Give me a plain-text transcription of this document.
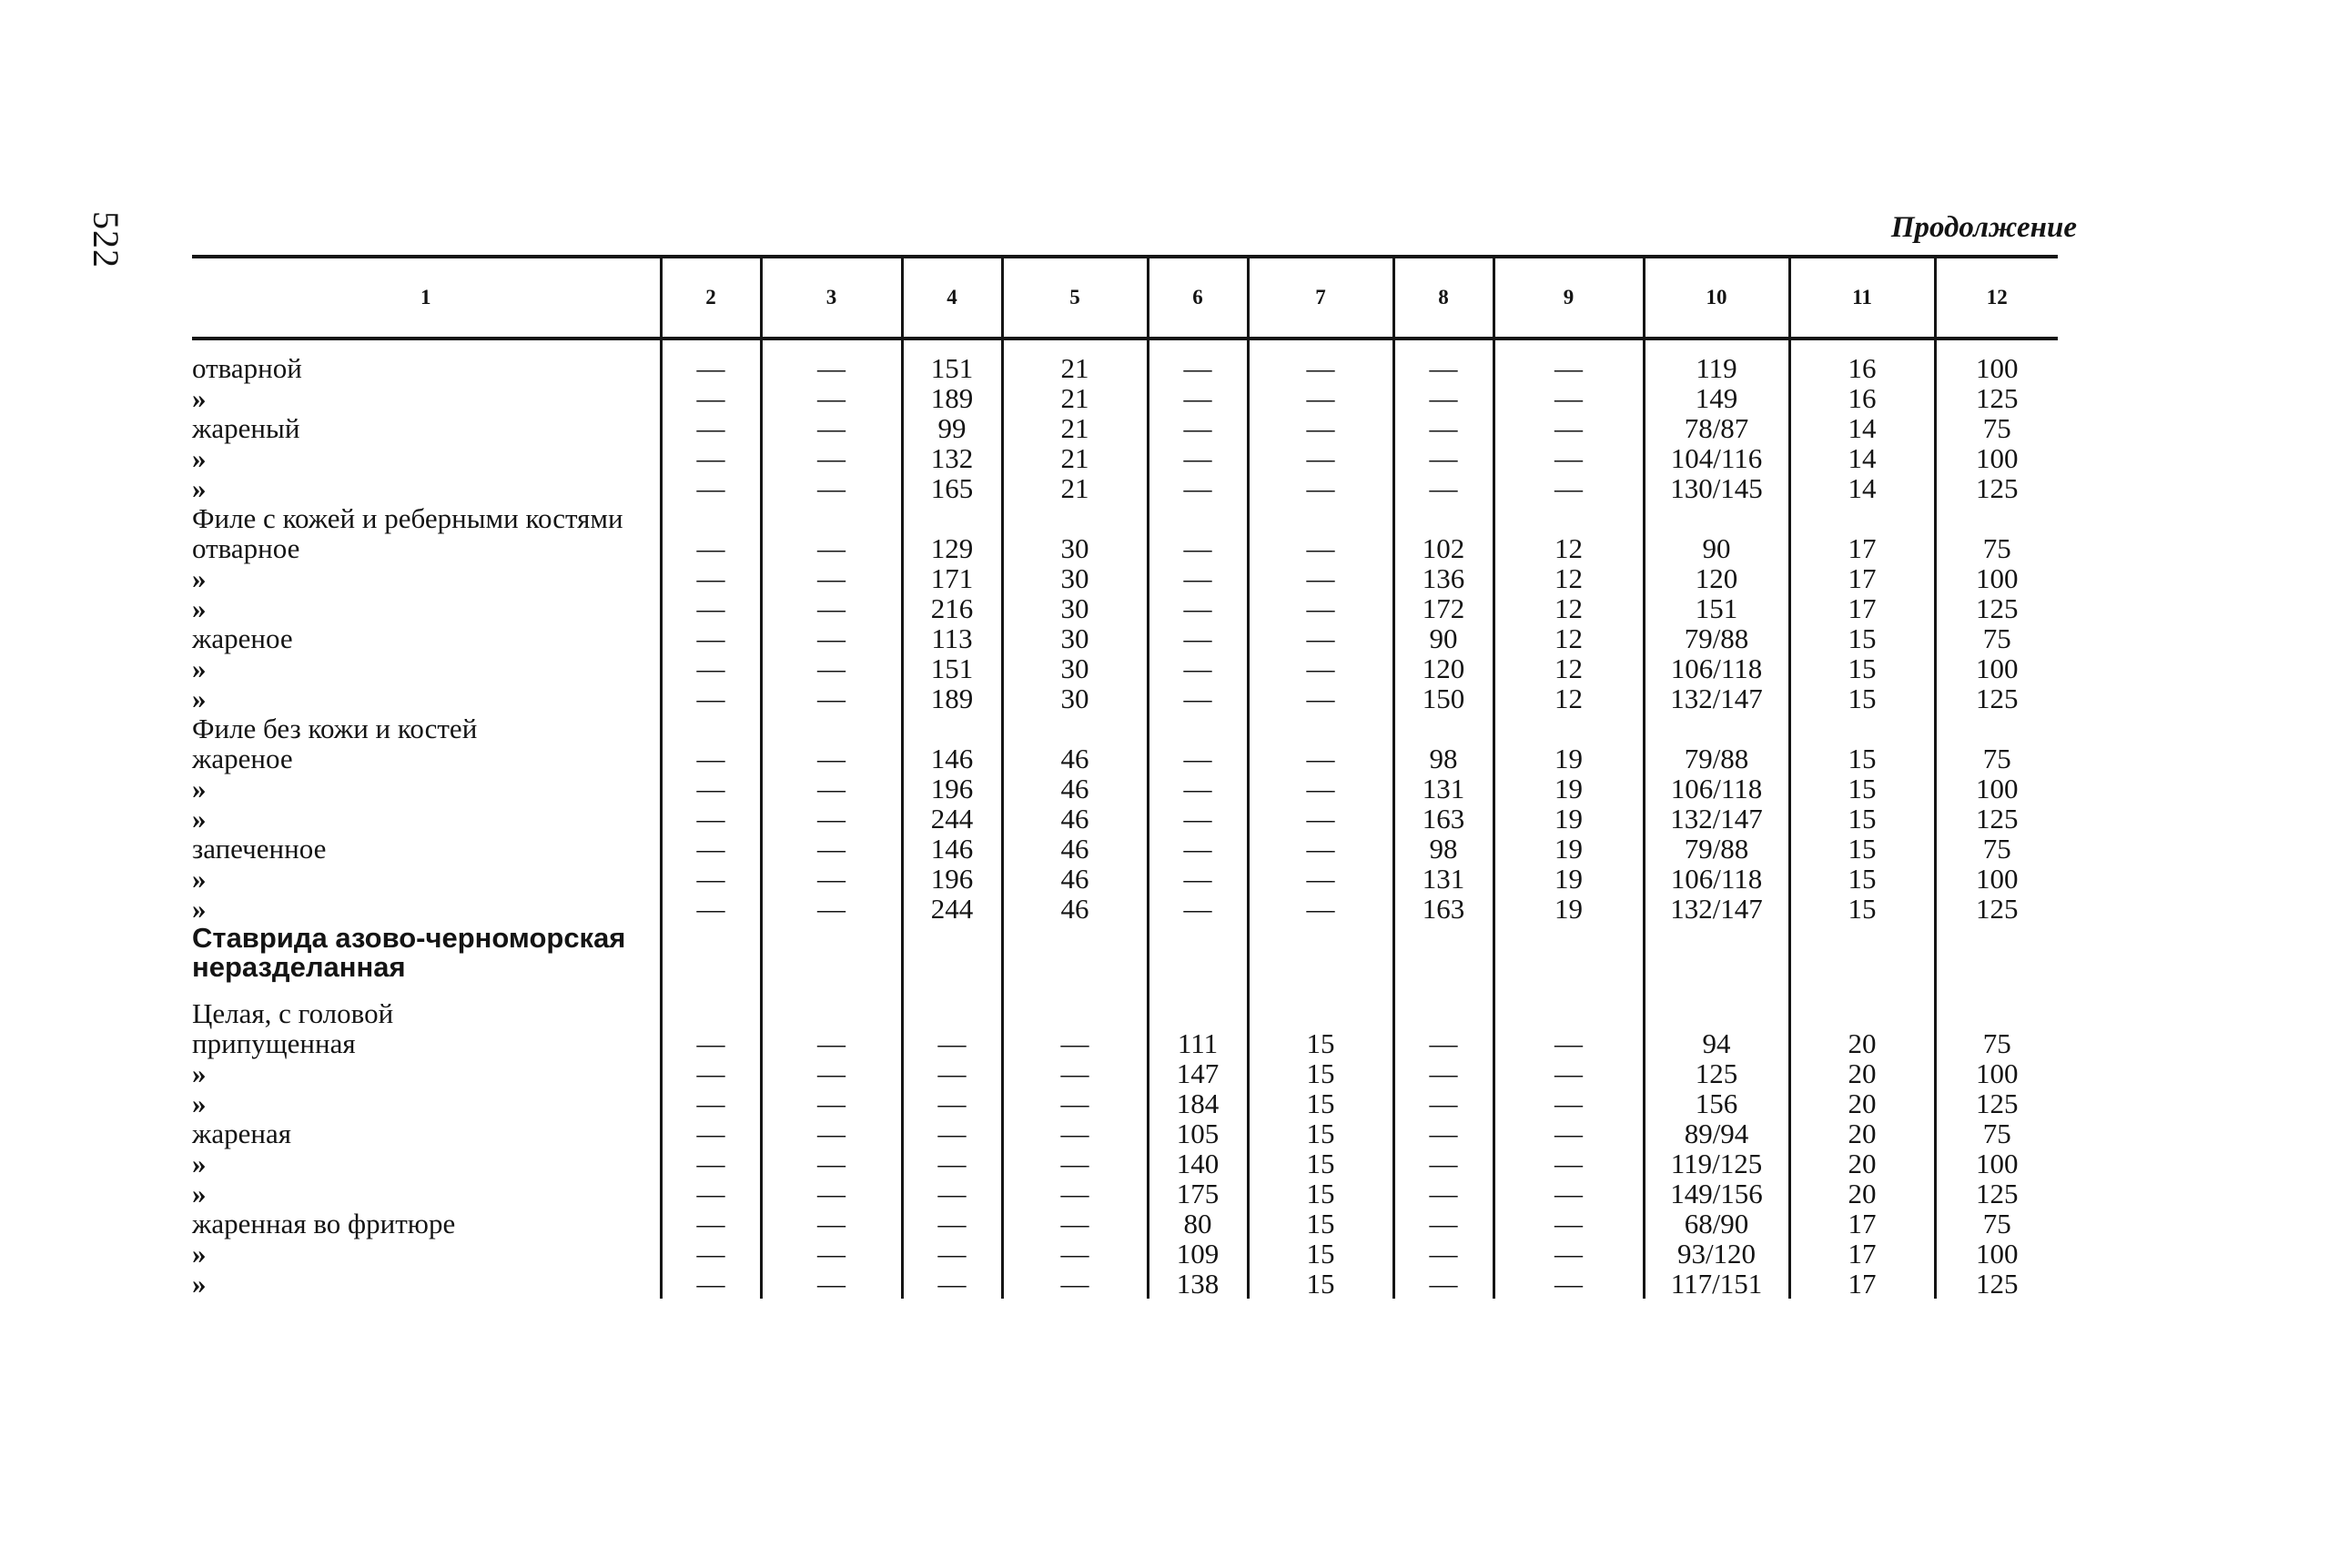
522	Продолжение
1	2	3	4	5	6	7	8	9	10	11	12

отварной	—	—	151	21	—	—	—	—	119	16	100
»	—	—	189	21	—	—	—	—	149	16	125
жареный	—	—	99	21	—	—	—	—	78/87	14	75
»	—	—	132	21	—	—	—	—	104/116	14	100
»	—	—	165	21	—	—	—	—	130/145	14	125
Филе с кожей и реберными костями											
отварное	—	—	129	30	—	—	102	12	90	17	75
»	—	—	171	30	—	—	136	12	120	17	100
»	—	—	216	30	—	—	172	12	151	17	125
жареное	—	—	113	30	—	—	90	12	79/88	15	75
»	—	—	151	30	—	—	120	12	106/118	15	100
»	—	—	189	30	—	—	150	12	132/147	15	125
Филе без кожи и костей											
жареное	—	—	146	46	—	—	98	19	79/88	15	75
»	—	—	196	46	—	—	131	19	106/118	15	100
»	—	—	244	46	—	—	163	19	132/147	15	125
запеченное	—	—	146	46	—	—	98	19	79/88	15	75
»	—	—	196	46	—	—	131	19	106/118	15	100
»	—	—	244	46	—	—	163	19	132/147	15	125
Ставрида азово-черноморская неразделанная											

Целая, с головой											
припущенная	—	—	—	—	111	15	—	—	94	20	75
»	—	—	—	—	147	15	—	—	125	20	100
»	—	—	—	—	184	15	—	—	156	20	125
жареная	—	—	—	—	105	15	—	—	89/94	20	75
»	—	—	—	—	140	15	—	—	119/125	20	100
»	—	—	—	—	175	15	—	—	149/156	20	125
жаренная во фритюре	—	—	—	—	80	15	—	—	68/90	17	75
»	—	—	—	—	109	15	—	—	93/120	17	100
»	—	—	—	—	138	15	—	—	117/151	17	125
